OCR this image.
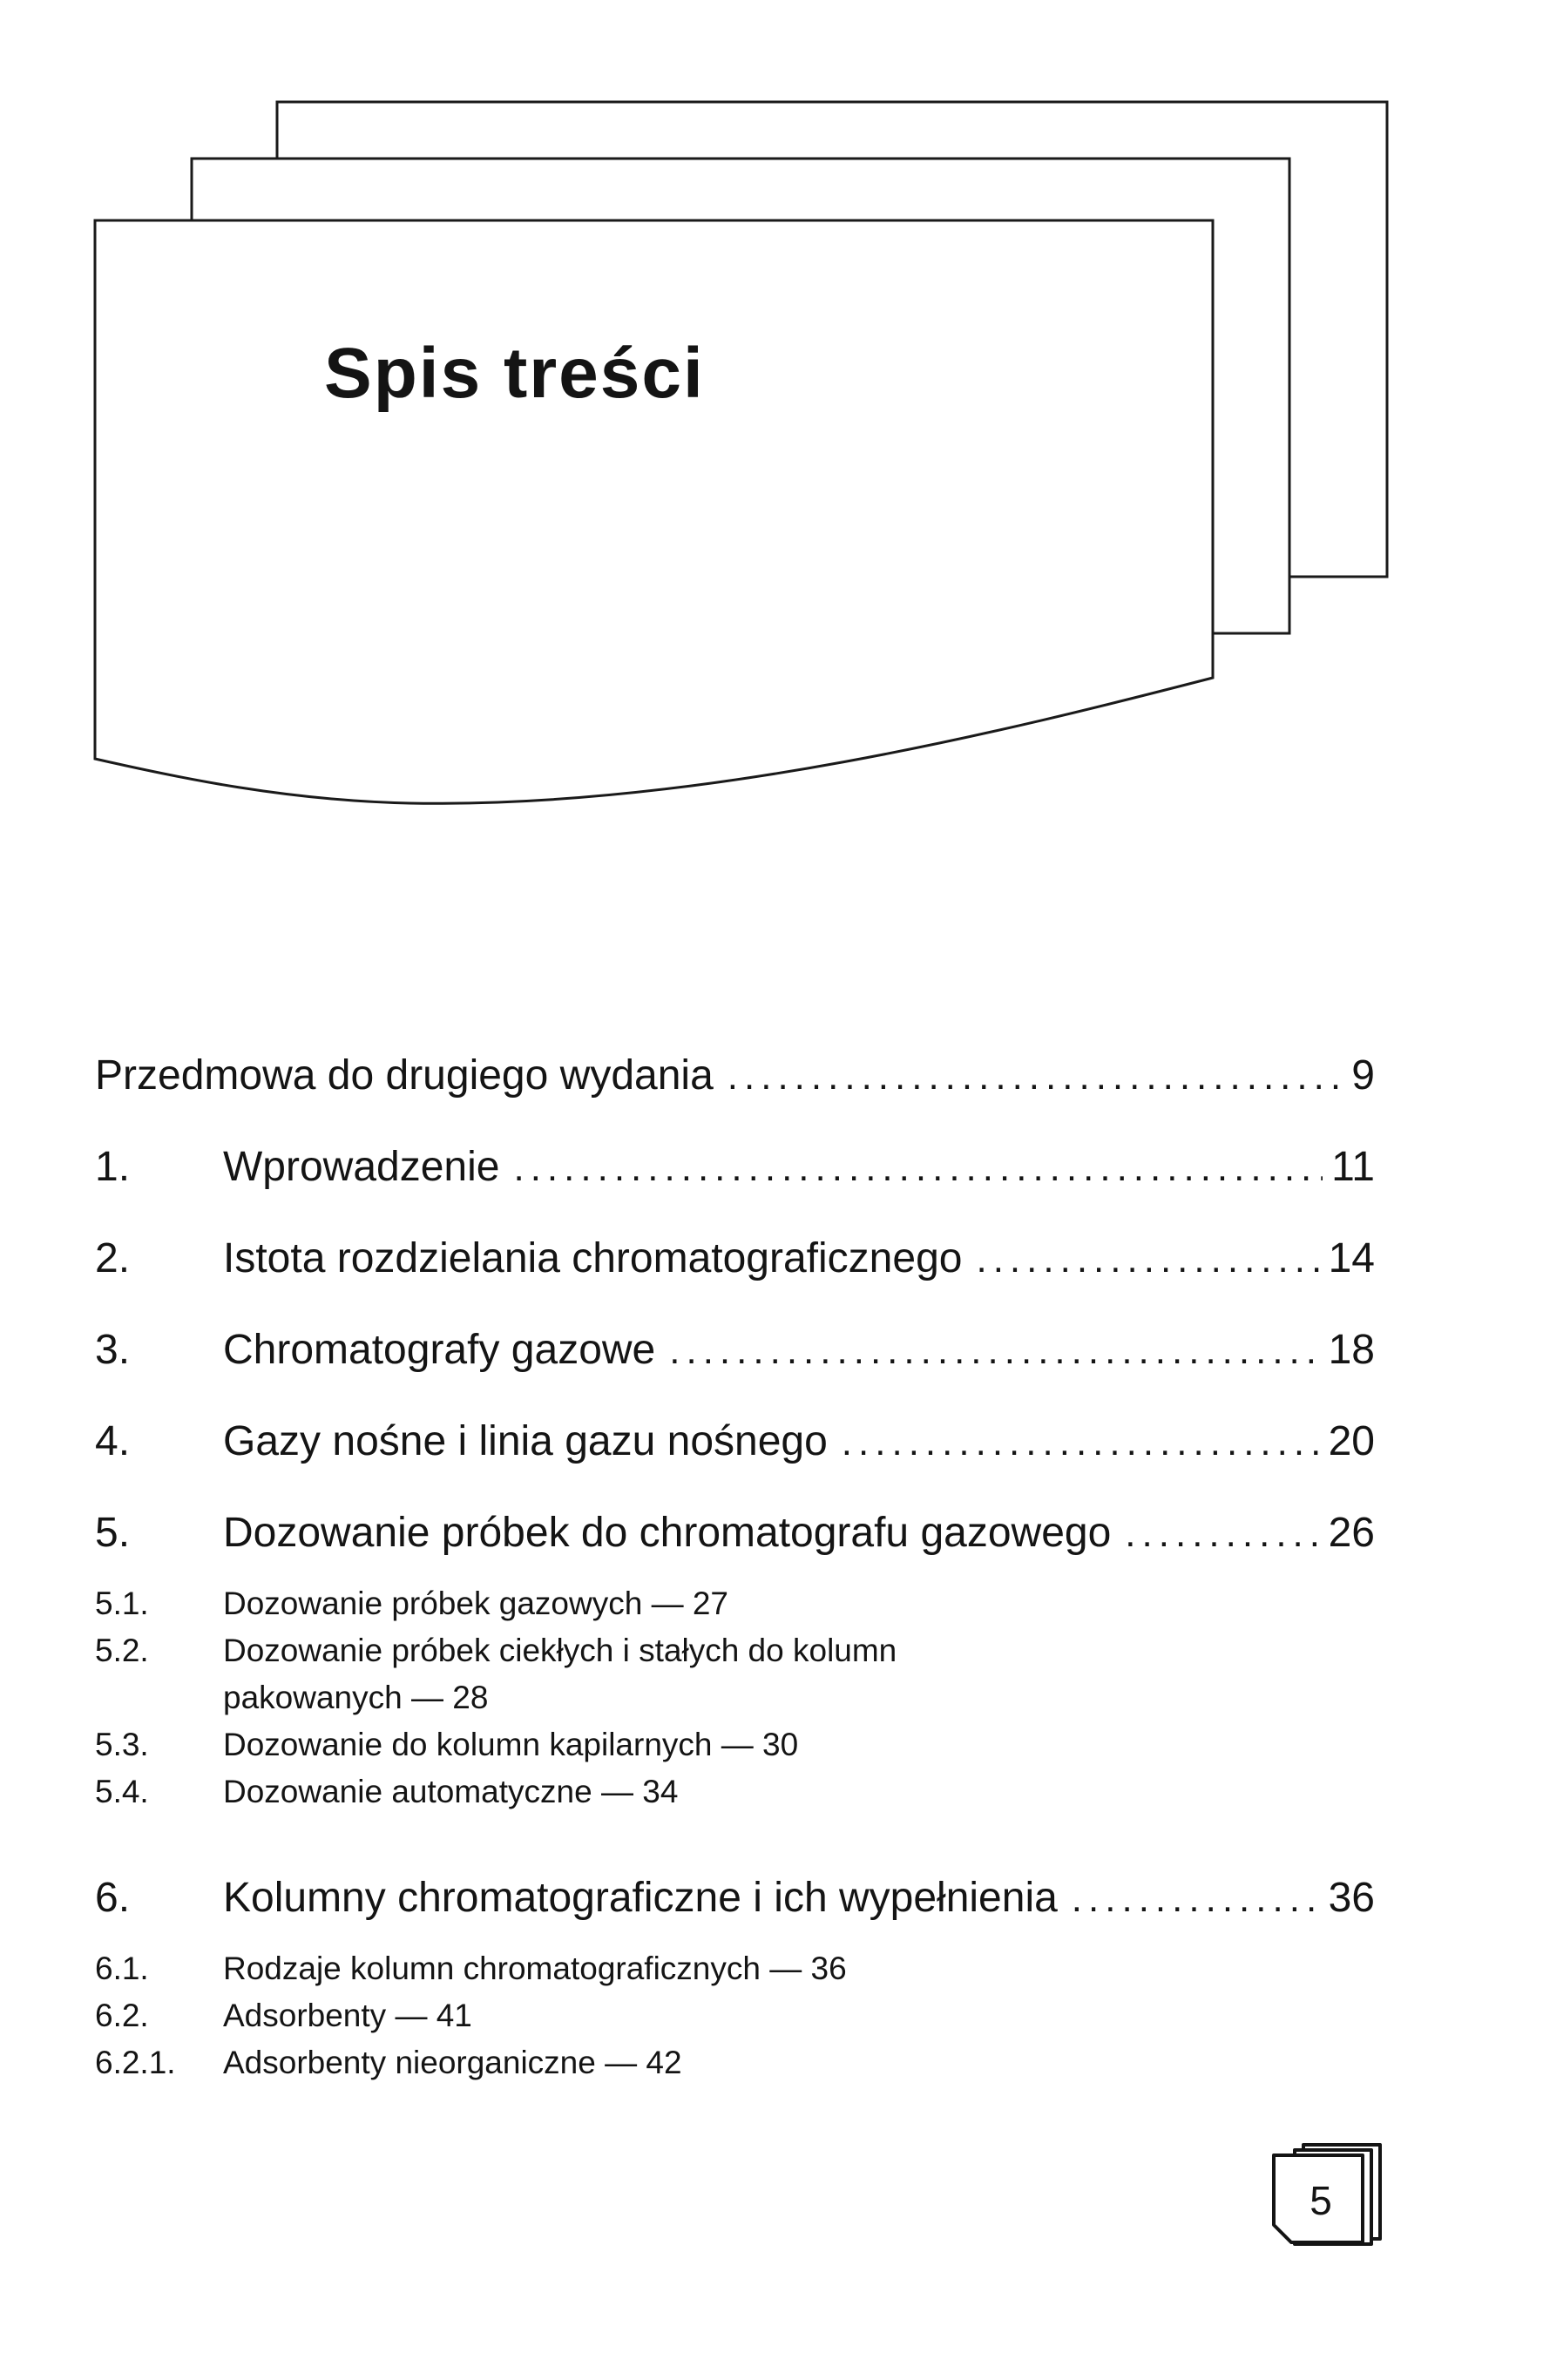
Spis treści
Przedmowa do drugiego wydania .....	9
1.	Wprowadzenie .....	11
2.	Istota rozdzielania chromatograficznego .....	14
3.	Chromatografy gazowe .....	18
4.	Gazy nośne i linia gazu nośnego .....	20
5.	Dozowanie próbek do chromatografu gazowego .....	26
5.1.	Dozowanie próbek gazowych — 27
5.2.	Dozowanie próbek ciekłych i stałych do kolumn pakowanych — 28
5.3.	Dozowanie do kolumn kapilarnych — 30
5.4.	Dozowanie automatyczne — 34
6.	Kolumny chromatograficzne i ich wypełnienia .....	36
6.1.	Rodzaje kolumn chromatograficznych — 36
6.2.	Adsorbenty — 41
6.2.1.	Adsorbenty nieorganiczne — 42
5
